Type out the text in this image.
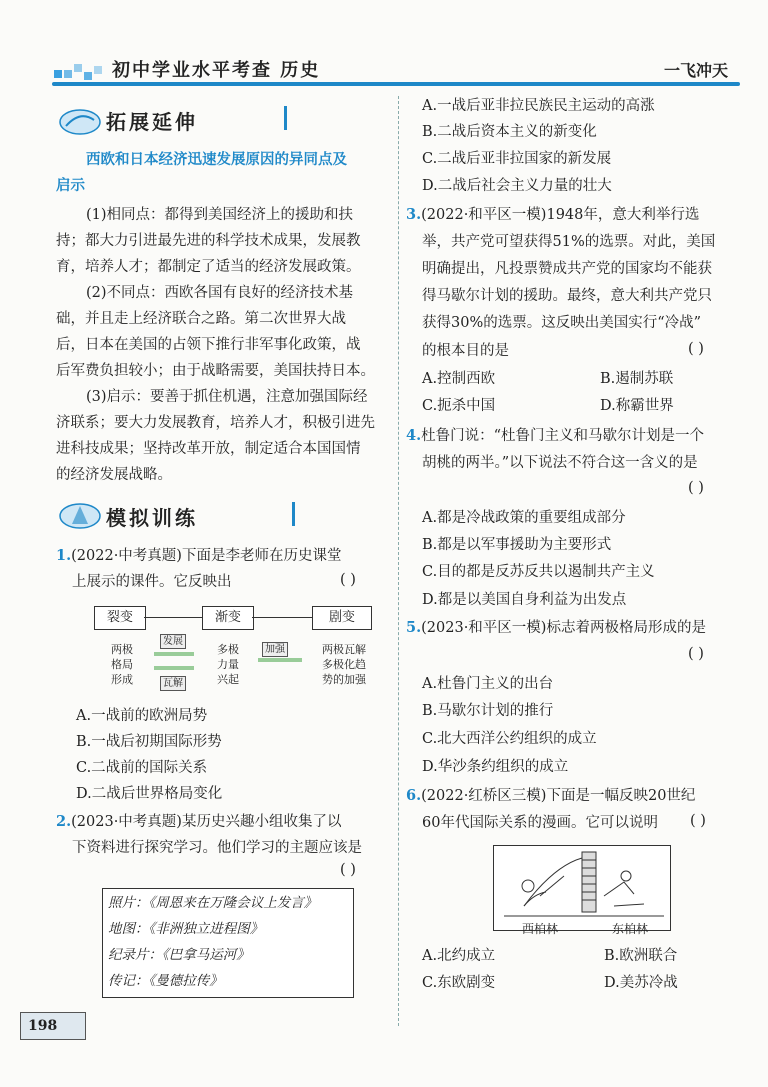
初中学业水平考查 历史	一飞冲天
拓展延伸
西欧和日本经济迅速发展原因的异同点及
启示
(1)相同点：都得到美国经济上的援助和扶
持；都大力引进最先进的科学技术成果，发展教
育，培养人才；都制定了适当的经济发展政策。
(2)不同点：西欧各国有良好的经济技术基
础，并且走上经济联合之路。第二次世界大战
后，日本在美国的占领下推行非军事化政策，战
后军费负担较小；由于战略需要，美国扶持日本。
(3)启示：要善于抓住机遇，注意加强国际经
济联系；要大力发展教育，培养人才，积极引进先
进科技成果；坚持改革开放，制定适合本国国情
的经济发展战略。
模拟训练
1.(2022·中考真题)下面是李老师在历史课堂
上展示的课件。它反映出	( )
裂变	渐变	剧变
两极
格局
形成
多极
力量
兴起
两极瓦解
多极化趋
势的加强
发展
瓦解
加强
A.一战前的欧洲局势
B.一战后初期国际形势
C.二战前的国际关系
D.二战后世界格局变化
2.(2023·中考真题)某历史兴趣小组收集了以
下资料进行探究学习。他们学习的主题应该是
( )
照片：《周恩来在万隆会议上发言》
地图：《非洲独立进程图》
纪录片：《巴拿马运河》
传记：《曼德拉传》
A.一战后亚非拉民族民主运动的高涨
B.二战后资本主义的新变化
C.二战后亚非拉国家的新发展
D.二战后社会主义力量的壮大
3.(2022·和平区一模)1948年，意大利举行选
举，共产党可望获得51%的选票。对此，美国
明确提出，凡投票赞成共产党的国家均不能获
得马歇尔计划的援助。最终，意大利共产党只
获得30%的选票。这反映出美国实行“冷战”
的根本目的是	( )
A.控制西欧	B.遏制苏联
C.扼杀中国	D.称霸世界
4.杜鲁门说：“杜鲁门主义和马歇尔计划是一个
胡桃的两半。”以下说法不符合这一含义的是
( )
A.都是冷战政策的重要组成部分
B.都是以军事援助为主要形式
C.目的都是反苏反共以遏制共产主义
D.都是以美国自身利益为出发点
5.(2023·和平区一模)标志着两极格局形成的是
( )
A.杜鲁门主义的出台
B.马歇尔计划的推行
C.北大西洋公约组织的成立
D.华沙条约组织的成立
6.(2022·红桥区三模)下面是一幅反映20世纪
60年代国际关系的漫画。它可以说明 ( )
西柏林	东柏林
A.北约成立	B.欧洲联合
C.东欧剧变	D.美苏冷战
198
